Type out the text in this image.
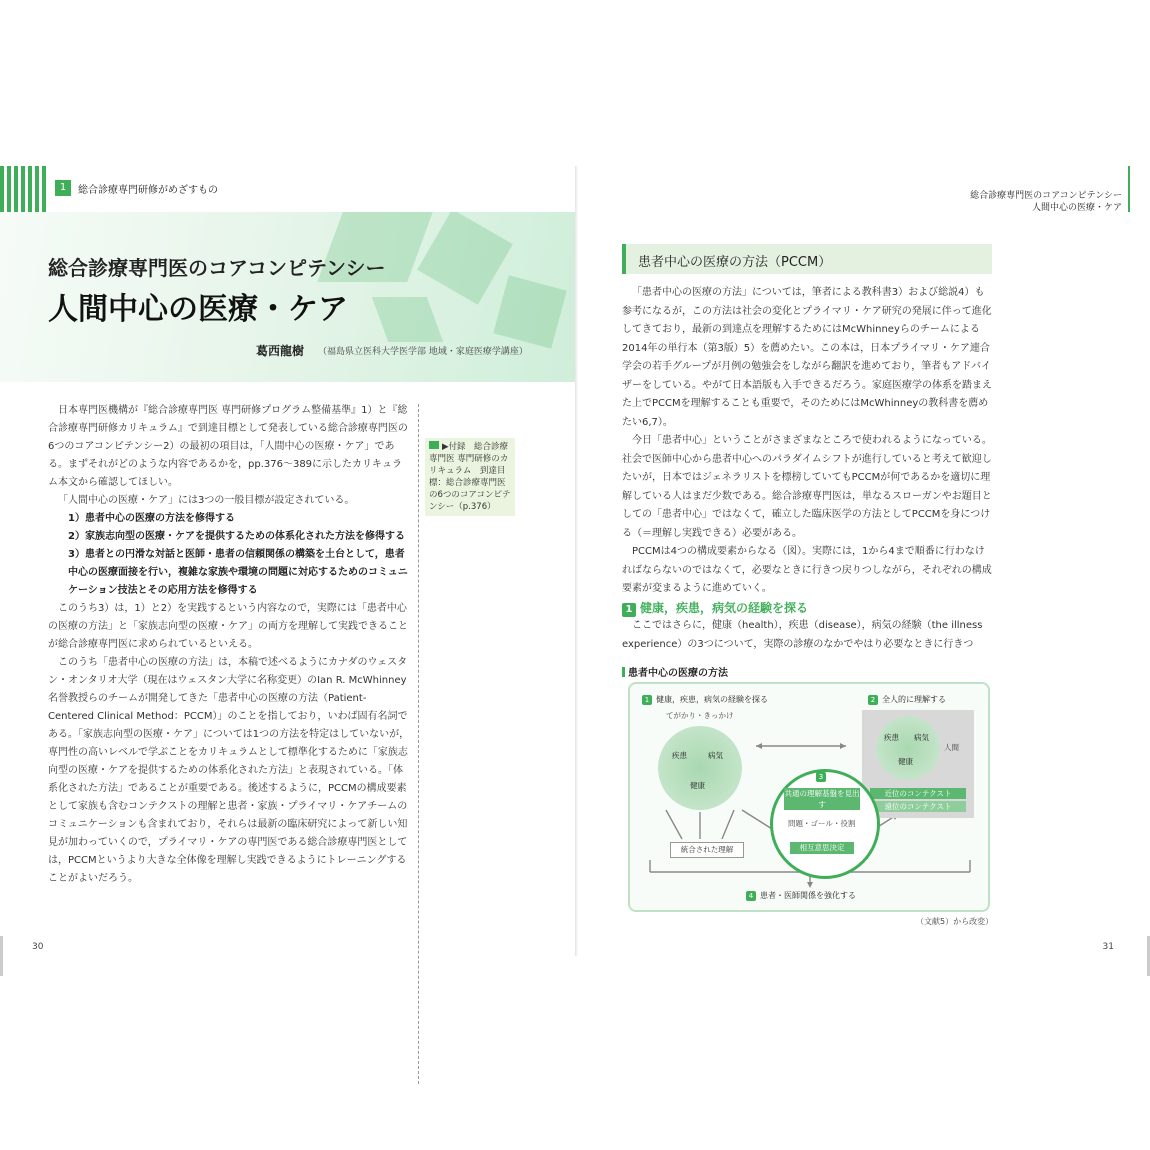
1	総合診療専門研修がめざすもの
総合診療専門医のコアコンピテンシー
人間中心の医療・ケア
葛西龍樹 （福島県立医科大学医学部 地域・家庭医療学講座）

日本専門医機構が『総合診療専門医 専門研修プログラム整備基準』1）と『総合診療専門研修カリキュラム』で到達目標として発表している総合診療専門医の6つのコアコンピテンシー2）の最初の項目は，「人間中心の医療・ケア」である。まずそれがどのような内容であるかを，pp.376～389に示したカリキュラム本文から確認してほしい。

「人間中心の医療・ケア」には3つの一般目標が設定されている。

1）患者中心の医療の方法を修得する
2）家族志向型の医療・ケアを提供するための体系化された方法を修得する
3）患者との円滑な対話と医師・患者の信頼関係の構築を土台として，患者中心の医療面接を行い，複雑な家族や環境の問題に対応するためのコミュニケーション技法とその応用方法を修得する

このうち3）は，1）と2）を実践するという内容なので，実際には「患者中心の医療の方法」と「家族志向型の医療・ケア」の両方を理解して実践できることが総合診療専門医に求められているといえる。

このうち「患者中心の医療の方法」は，本稿で述べるようにカナダのウェスタン・オンタリオ大学（現在はウェスタン大学に名称変更）のIan R. McWhinney名誉教授らのチームが開発してきた「患者中心の医療の方法（Patient-Centered Clinical Method：PCCM）」のことを指しており，いわば固有名詞である。「家族志向型の医療・ケア」については1つの方法を特定はしていないが，専門性の高いレベルで学ぶことをカリキュラムとして標準化するために「家族志向型の医療・ケアを提供するための体系化された方法」と表現されている。「体系化された方法」であることが重要である。後述するように，PCCMの構成要素として家族も含むコンテクストの理解と患者・家族・プライマリ・ケアチームのコミュニケーションも含まれており，それらは最新の臨床研究によって新しい知見が加わっていくので，プライマリ・ケアの専門医である総合診療専門医としては，PCCMというより大きな全体像を理解し実践できるようにトレーニングすることがよいだろう。

▶付録　総合診療専門医 専門研修のカリキュラム　到達目標：総合診療専門医の6つのコアコンピテンシー（p.376）
30
総合診療専門医のコアコンピテンシー
人間中心の医療・ケア
患者中心の医療の方法（PCCM）

「患者中心の医療の方法」については，筆者による教科書3）および総説4）も参考になるが，この方法は社会の変化とプライマリ・ケア研究の発展に伴って進化してきており，最新の到達点を理解するためにはMcWhinneyらのチームによる2014年の単行本（第3版）5）を薦めたい。この本は，日本プライマリ・ケア連合学会の若手グループが月例の勉強会をしながら翻訳を進めており，筆者もアドバイザーをしている。やがて日本語版も入手できるだろう。家庭医療学の体系を踏まえた上でPCCMを理解することも重要で，そのためにはMcWhinneyの教科書を薦めたい6,7）。

今日「患者中心」ということがさまざまなところで使われるようになっている。社会で医師中心から患者中心へのパラダイムシフトが進行していると考えて歓迎したいが，日本ではジェネラリストを標榜していてもPCCMが何であるかを適切に理解している人はまだ少数である。総合診療専門医は，単なるスローガンやお題目としての「患者中心」ではなくて，確立した臨床医学の方法としてPCCMを身につける（＝理解し実践できる）必要がある。

PCCMは4つの構成要素からなる（図）。実際には，1から4まで順番に行わなければならないのではなくて，必要なときに行きつ戻りつしながら，それぞれの構成要素が変まるように進めていく。

1 健康，疾患，病気の経験を探る

ここではさらに，健康（health），疾患（disease），病気の経験（the illness experience）の3つについて，実際の診療のなかでやはり必要なときに行きつ

患者中心の医療の方法
1 健康，疾患，病気の経験を探る
てがかり・きっかけ
疾患	病気
健康
統合された理解
2 全人的に理解する
疾患 病気
健康
人間
近位のコンテクスト
遠位のコンテクスト
3
共通の理解基盤を見出す
問題・ゴール・役割
相互意思決定
4 患者・医師関係を強化する
（文献5）から改変）
31
